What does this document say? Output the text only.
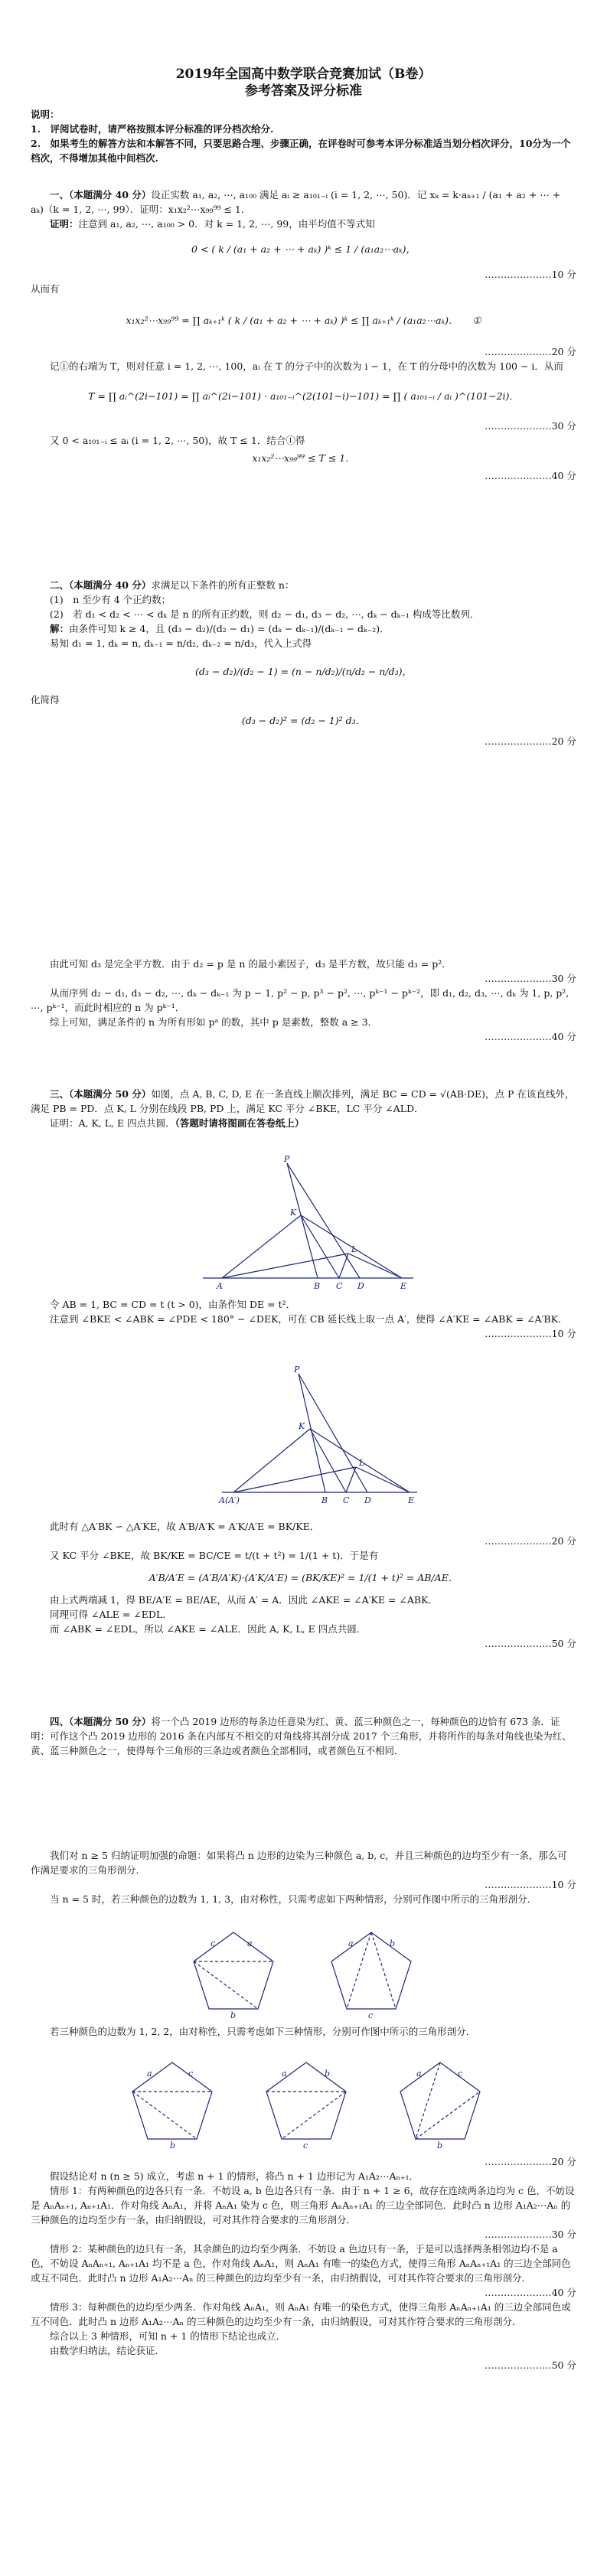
2019年全国高中数学联合竞赛加试（B卷）
参考答案及评分标准
说明：
1.　评阅试卷时，请严格按照本评分标准的评分档次给分.
2.　如果考生的解答方法和本解答不同，只要思路合理、步骤正确，在评卷时可参考本评分标准适当划分档次评分，10分为一个档次，不得增加其他中间档次.
一、（本题满分 40 分）设正实数 a₁, a₂, ⋯, a₁₀₀ 满足 aᵢ ≥ a₁₀₁₋ᵢ (i = 1, 2, ⋯, 50)．记 xₖ = k·aₖ₊₁ / (a₁ + a₂ + ⋯ + aₖ)（k = 1, 2, ⋯, 99）．证明：x₁x₂²⋯x₉₉⁹⁹ ≤ 1．
证明：注意到 a₁, a₂, ⋯, a₁₀₀ > 0．对 k = 1, 2, ⋯, 99，由平均值不等式知
0 < ( k / (a₁ + a₂ + ⋯ + aₖ) )ᵏ ≤ 1 / (a₁a₂⋯aₖ)，
…………………10 分
从而有
x₁x₂²⋯x₉₉⁹⁹ = ∏ aₖ₊₁ᵏ ( k / (a₁ + a₂ + ⋯ + aₖ) )ᵏ ≤ ∏ aₖ₊₁ᵏ / (a₁a₂⋯aₖ)．　　①
…………………20 分
记①的右端为 T，则对任意 i = 1, 2, ⋯, 100，aᵢ 在 T 的分子中的次数为 i − 1，在 T 的分母中的次数为 100 − i．从而
T = ∏ aᵢ^(2i−101) = ∏ aᵢ^(2i−101) · a₁₀₁₋ᵢ^(2(101−i)−101) = ∏ ( a₁₀₁₋ᵢ / aᵢ )^(101−2i)．
…………………30 分
又 0 < a₁₀₁₋ᵢ ≤ aᵢ (i = 1, 2, ⋯, 50)，故 T ≤ 1．结合①得
x₁x₂²⋯x₉₉⁹⁹ ≤ T ≤ 1．
…………………40 分
二、（本题满分 40 分）求满足以下条件的所有正整数 n：
(1)　n 至少有 4 个正约数；
(2)　若 d₁ < d₂ < ⋯ < dₖ 是 n 的所有正约数，则 d₂ − d₁, d₃ − d₂, ⋯, dₖ − dₖ₋₁ 构成等比数列．
解：由条件可知 k ≥ 4，且 (d₃ − d₂)/(d₂ − d₁) = (dₖ − dₖ₋₁)/(dₖ₋₁ − dₖ₋₂)．
易知 d₁ = 1, dₖ = n, dₖ₋₁ = n/d₂, dₖ₋₂ = n/d₃，代入上式得
(d₃ − d₂)/(d₂ − 1) = (n − n/d₂)/(n/d₂ − n/d₃)，
化简得
(d₃ − d₂)² = (d₂ − 1)² d₃．
…………………20 分
由此可知 d₃ 是完全平方数．由于 d₂ = p 是 n 的最小素因子，d₃ 是平方数，故只能 d₃ = p²．
…………………30 分
从而序列 d₂ − d₁, d₃ − d₂, ⋯, dₖ − dₖ₋₁ 为 p − 1, p² − p, p³ − p², ⋯, pᵏ⁻¹ − pᵏ⁻²，即 d₁, d₂, d₃, ⋯, dₖ 为 1, p, p², ⋯, pᵏ⁻¹，而此时相应的 n 为 pᵏ⁻¹．
综上可知，满足条件的 n 为所有形如 pᵃ 的数，其中 p 是素数，整数 a ≥ 3．
…………………40 分
三、（本题满分 50 分）如图，点 A, B, C, D, E 在一条直线上顺次排列，满足 BC = CD = √(AB·DE)，点 P 在该直线外，满足 PB = PD．点 K, L 分别在线段 PB, PD 上，满足 KC 平分 ∠BKE，LC 平分 ∠ALD．
证明：A, K, L, E 四点共圆．（答题时请将图画在答卷纸上）
P
K
L
A	B C D	E
令 AB = 1, BC = CD = t (t > 0)，由条件知 DE = t²．
注意到 ∠BKE < ∠ABK = ∠PDE < 180° − ∠DEK，可在 CB 延长线上取一点 A′，使得 ∠A′KE = ∠ABK = ∠A′BK．
…………………10 分
P
K
L
A(A′)	B C D	E
此时有 △A′BK ∽ △A′KE，故 A′B/A′K = A′K/A′E = BK/KE．
…………………20 分
又 KC 平分 ∠BKE，故 BK/KE = BC/CE = t/(t + t²) = 1/(1 + t)．于是有
A′B/A′E = (A′B/A′K)·(A′K/A′E) = (BK/KE)² = 1/(1 + t)² = AB/AE．
由上式两端减 1，得 BE/A′E = BE/AE，从而 A′ = A．因此 ∠AKE = ∠A′KE = ∠ABK．
同理可得 ∠ALE = ∠EDL．
而 ∠ABK = ∠EDL，所以 ∠AKE = ∠ALE．因此 A, K, L, E 四点共圆．
…………………50 分
四、（本题满分 50 分）将一个凸 2019 边形的每条边任意染为红、黄、蓝三种颜色之一，每种颜色的边恰有 673 条．证明：可作这个凸 2019 边形的 2016 条在内部互不相交的对角线将其剖分成 2017 个三角形，并将所作的每条对角线也染为红、黄、蓝三种颜色之一，使得每个三角形的三条边或者颜色全部相同，或者颜色互不相同．
我们对 n ≥ 5 归纳证明加强的命题：如果将凸 n 边形的边染为三种颜色 a, b, c，并且三种颜色的边均至少有一条，那么可作满足要求的三角形剖分．
…………………10 分
当 n = 5 时，若三种颜色的边数为 1, 1, 3，由对称性，只需考虑如下两种情形，分别可作图中所示的三角形剖分．
a
c
b
a	b
c
若三种颜色的边数为 1, 2, 2，由对称性，只需考虑如下三种情形，分别可作图中所示的三角形剖分．
a
b
c	a
c
b	a	c
b
…………………20 分
假设结论对 n (n ≥ 5) 成立，考虑 n + 1 的情形，将凸 n + 1 边形记为 A₁A₂⋯Aₙ₊₁．
情形 1：有两种颜色的边各只有一条．不妨设 a, b 色边各只有一条．由于 n + 1 ≥ 6，故存在连续两条边均为 c 色，不妨设是 AₙAₙ₊₁, Aₙ₊₁A₁．作对角线 AₙA₁，并将 AₙA₁ 染为 c 色，则三角形 AₙAₙ₊₁A₁ 的三边全部同色．此时凸 n 边形 A₁A₂⋯Aₙ 的三种颜色的边均至少有一条，由归纳假设，可对其作符合要求的三角形剖分．
…………………30 分
情形 2：某种颜色的边只有一条，其余颜色的边均至少两条．不妨设 a 色边只有一条，于是可以选择两条相邻边均不是 a 色，不妨设 AₙAₙ₊₁, Aₙ₊₁A₁ 均不是 a 色，作对角线 AₙA₁，则 AₙA₁ 有唯一的染色方式，使得三角形 AₙAₙ₊₁A₁ 的三边全部同色或互不同色．此时凸 n 边形 A₁A₂⋯Aₙ 的三种颜色的边均至少有一条，由归纳假设，可对其作符合要求的三角形剖分．
…………………40 分
情形 3：每种颜色的边均至少两条．作对角线 AₙA₁，则 AₙA₁ 有唯一的染色方式，使得三角形 AₙAₙ₊₁A₁ 的三边全部同色或互不同色．此时凸 n 边形 A₁A₂⋯Aₙ 的三种颜色的边均至少有一条，由归纳假设，可对其作符合要求的三角形剖分．
综合以上 3 种情形，可知 n + 1 的情形下结论也成立．
由数学归纳法，结论获证．
…………………50 分
